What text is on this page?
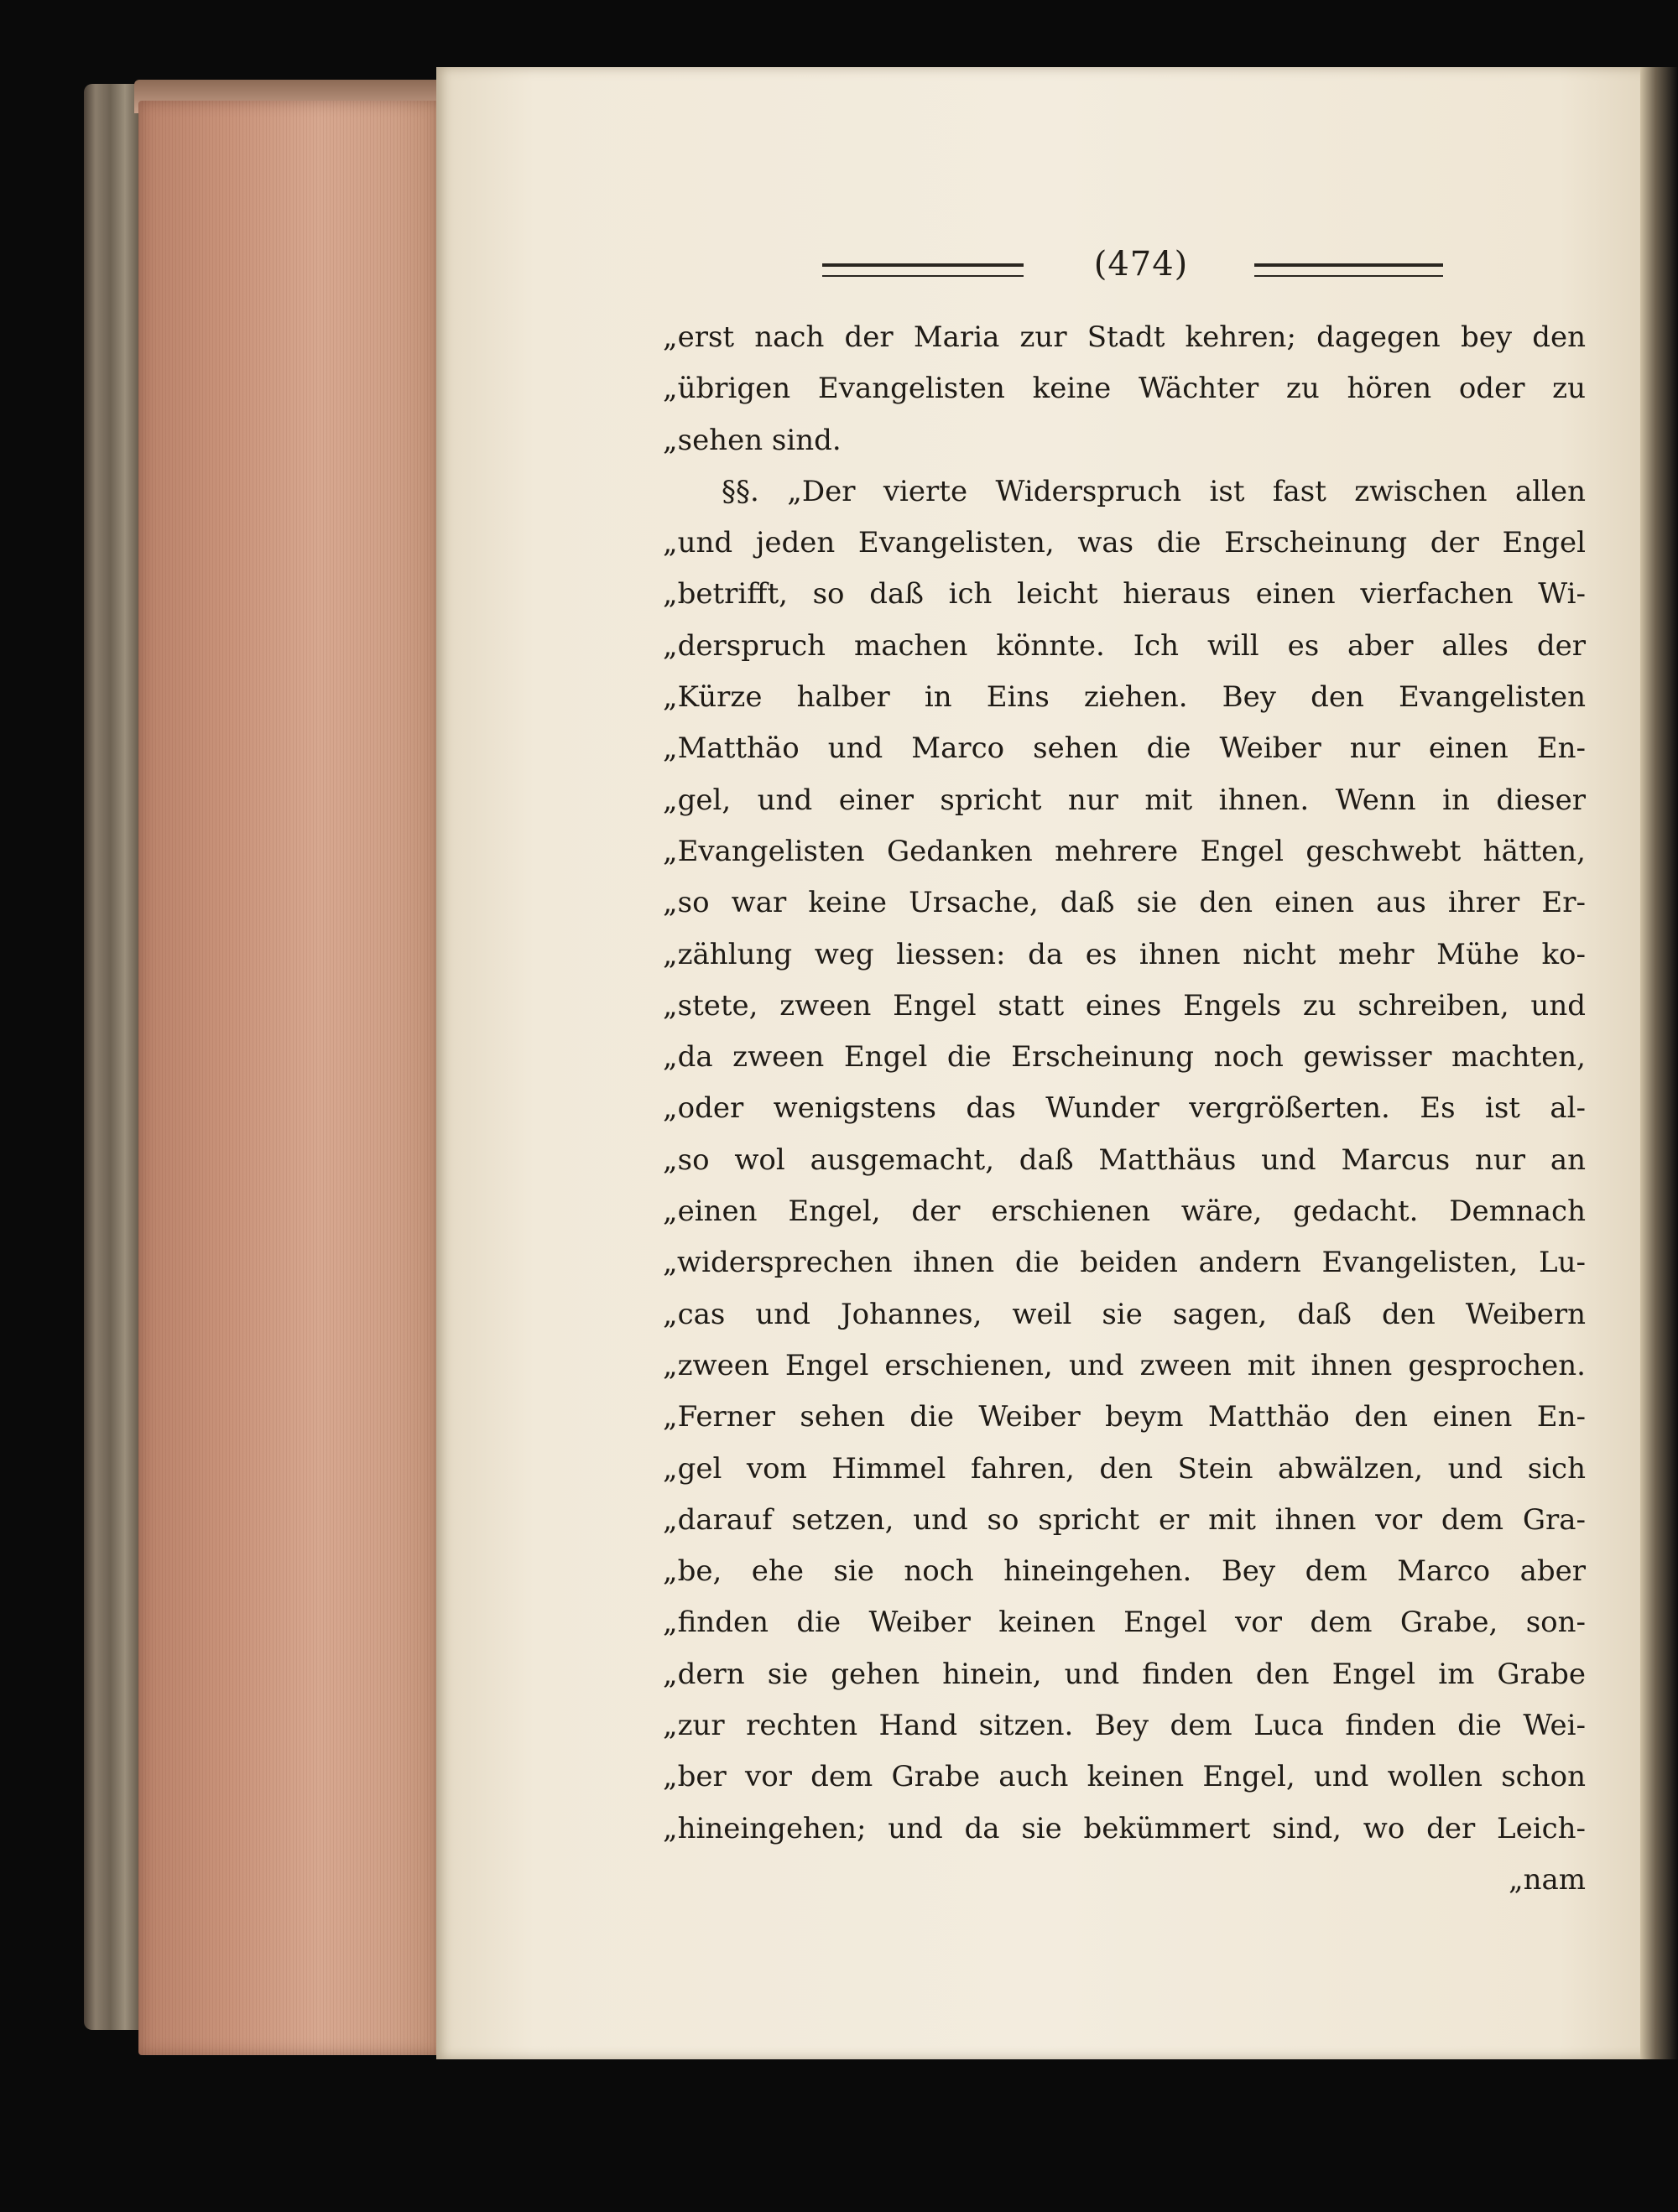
(474)
„erst nach der Maria zur Stadt kehren; dagegen bey den
„übrigen Evangelisten keine Wächter zu hören oder zu
„sehen sind.
§§. „Der vierte Widerspruch ist fast zwischen allen
„und jeden Evangelisten, was die Erscheinung der Engel
„betrifft, so daß ich leicht hieraus einen vierfachen Wi-
„derspruch machen könnte. Ich will es aber alles der
„Kürze halber in Eins ziehen. Bey den Evangelisten
„Matthäo und Marco sehen die Weiber nur einen En-
„gel, und einer spricht nur mit ihnen. Wenn in dieser
„Evangelisten Gedanken mehrere Engel geschwebt hätten,
„so war keine Ursache, daß sie den einen aus ihrer Er-
„zählung weg liessen: da es ihnen nicht mehr Mühe ko-
„stete, zween Engel statt eines Engels zu schreiben, und
„da zween Engel die Erscheinung noch gewisser machten,
„oder wenigstens das Wunder vergrößerten. Es ist al-
„so wol ausgemacht, daß Matthäus und Marcus nur an
„einen Engel, der erschienen wäre, gedacht. Demnach
„widersprechen ihnen die beiden andern Evangelisten, Lu-
„cas und Johannes, weil sie sagen, daß den Weibern
„zween Engel erschienen, und zween mit ihnen gesprochen.
„Ferner sehen die Weiber beym Matthäo den einen En-
„gel vom Himmel fahren, den Stein abwälzen, und sich
„darauf setzen, und so spricht er mit ihnen vor dem Gra-
„be, ehe sie noch hineingehen. Bey dem Marco aber
„finden die Weiber keinen Engel vor dem Grabe, son-
„dern sie gehen hinein, und finden den Engel im Grabe
„zur rechten Hand sitzen. Bey dem Luca finden die Wei-
„ber vor dem Grabe auch keinen Engel, und wollen schon
„hineingehen; und da sie bekümmert sind, wo der Leich-
„nam
